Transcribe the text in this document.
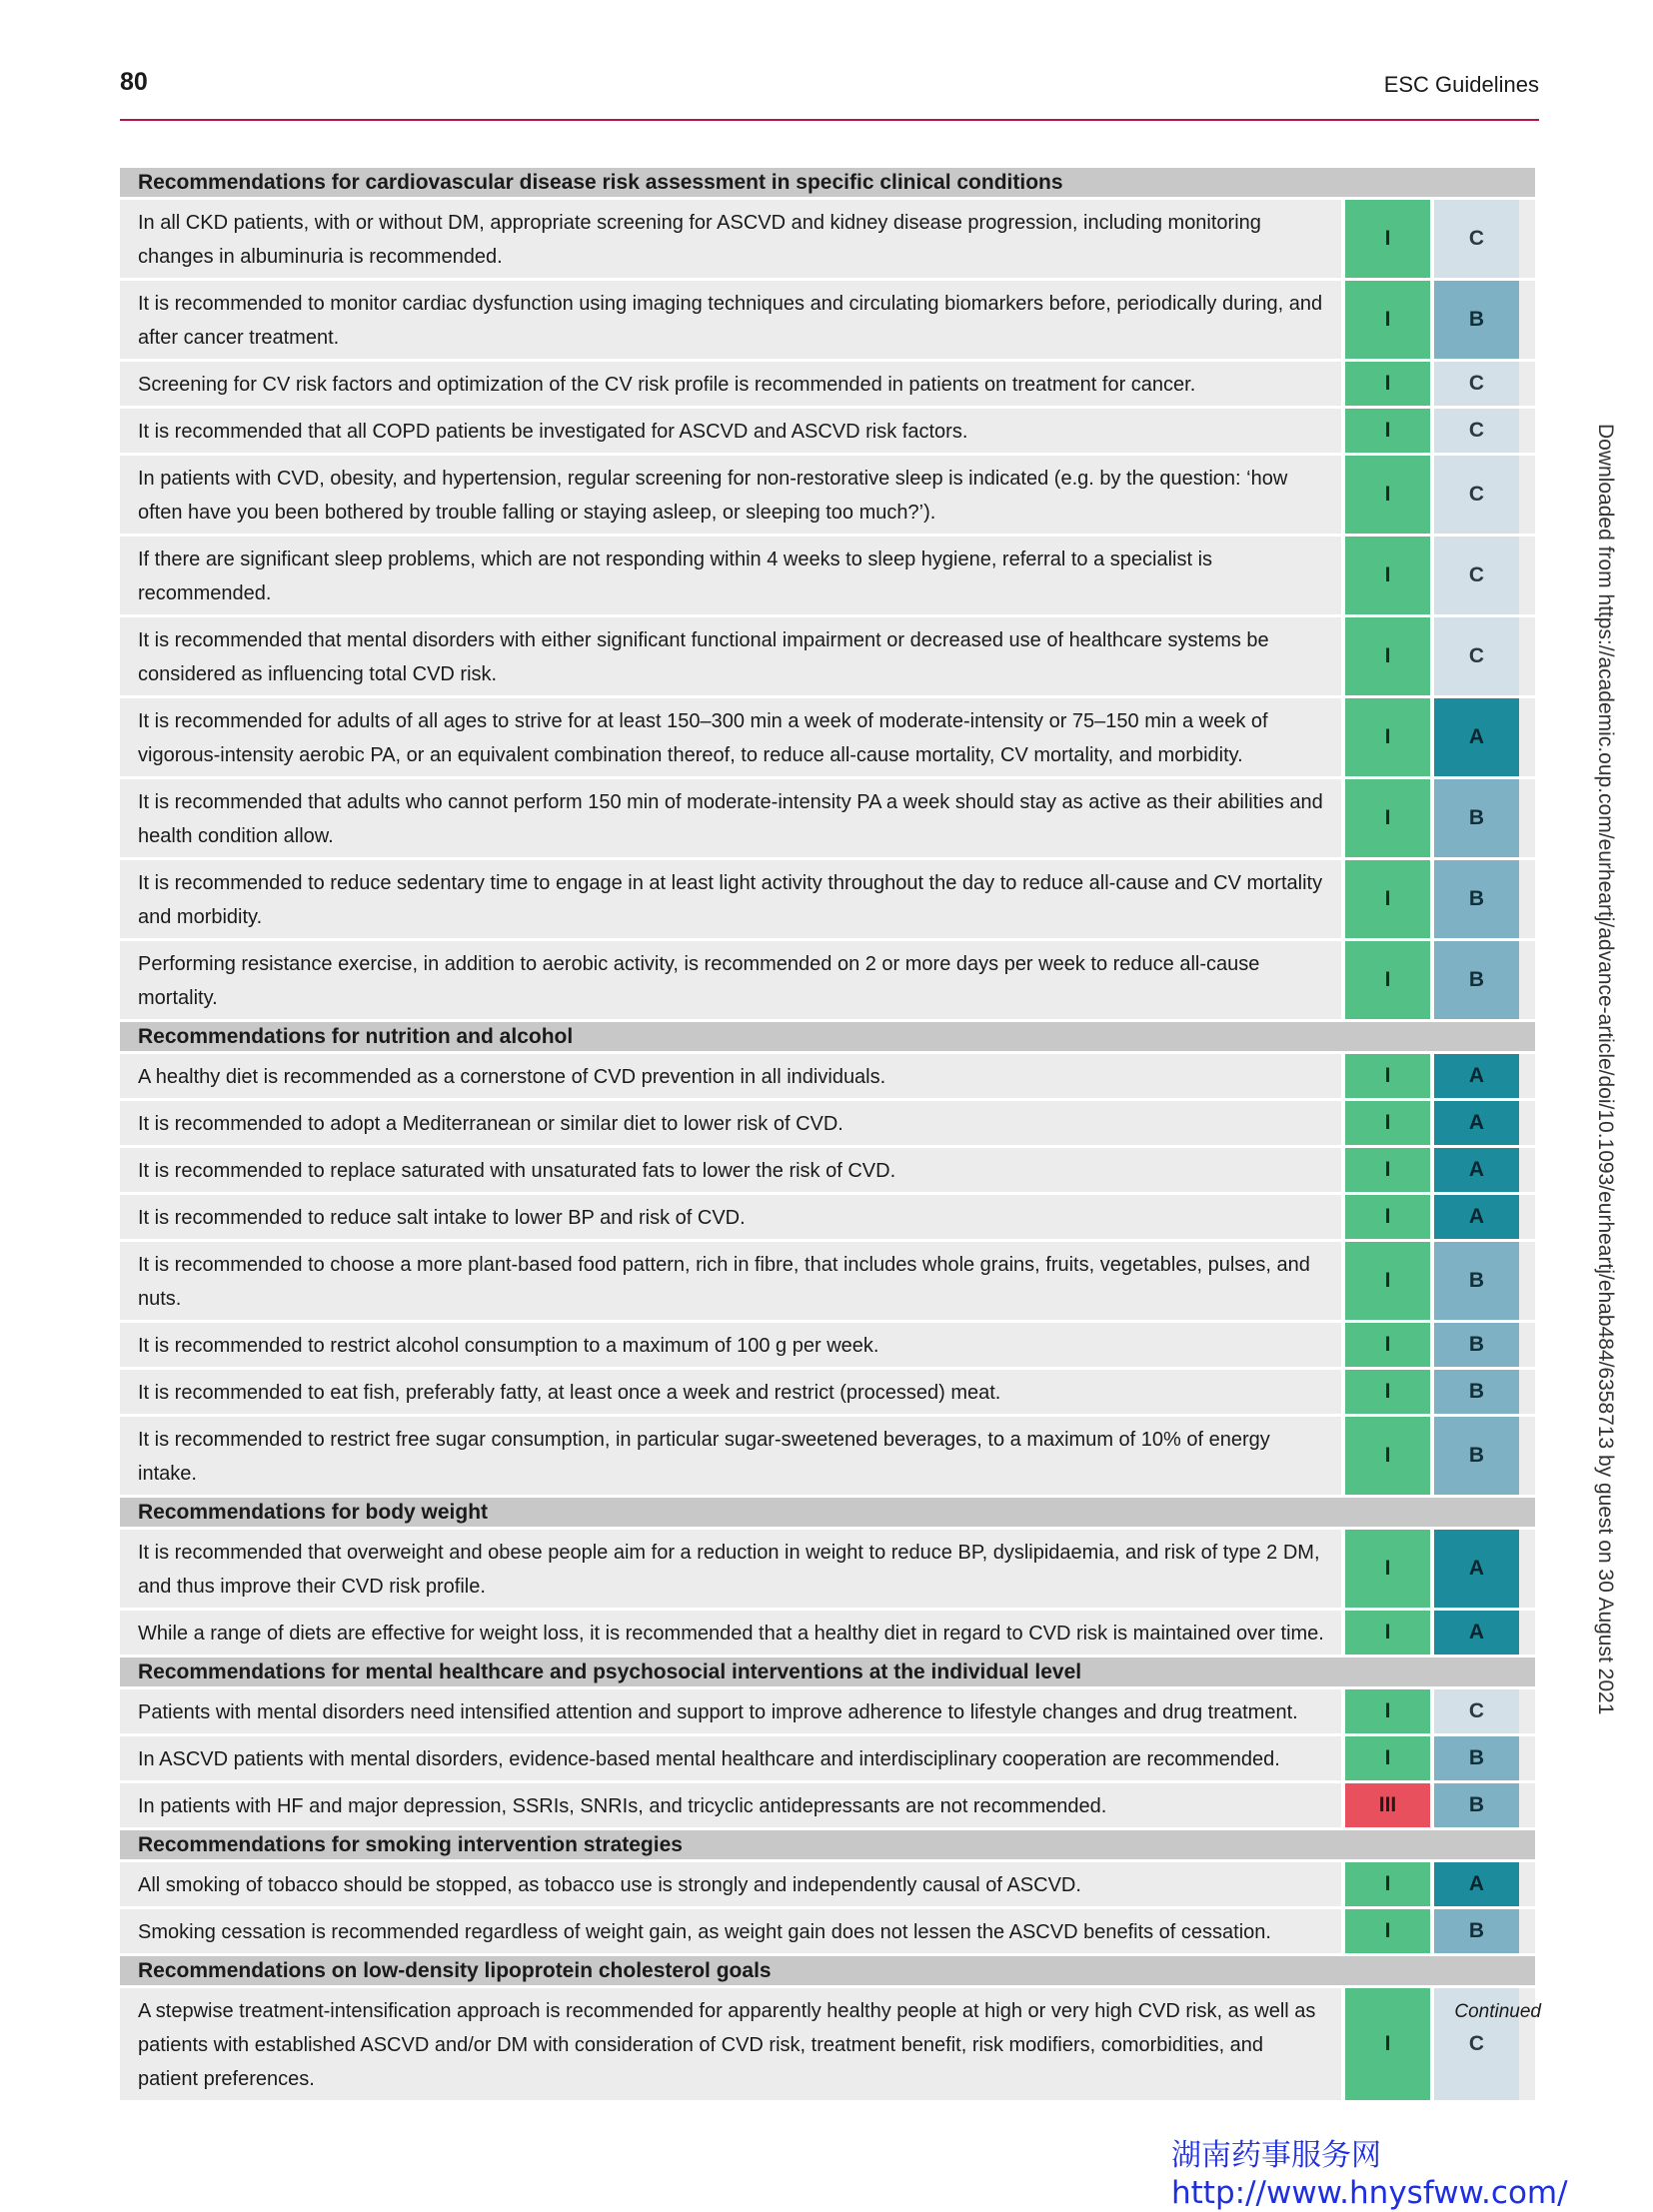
80	ESC Guidelines
Recommendations for cardiovascular disease risk assessment in specific clinical conditions
In all CKD patients, with or without DM, appropriate screening for ASCVD and kidney disease progression, including monitoring changes in albuminuria is recommended.
I	C
It is recommended to monitor cardiac dysfunction using imaging techniques and circulating biomarkers before, periodically during, and after cancer treatment.
I	B
Screening for CV risk factors and optimization of the CV risk profile is recommended in patients on treatment for cancer.	I	C
It is recommended that all COPD patients be investigated for ASCVD and ASCVD risk factors.	I	C
In patients with CVD, obesity, and hypertension, regular screening for non-restorative sleep is indicated (e.g. by the question: ‘how often have you been bothered by trouble falling or staying asleep, or sleeping too much?’).
I	C
If there are significant sleep problems, which are not responding within 4 weeks to sleep hygiene, referral to a specialist is recommended.
I	C
It is recommended that mental disorders with either significant functional impairment or decreased use of healthcare systems be considered as influencing total CVD risk.
I	C
It is recommended for adults of all ages to strive for at least 150–300 min a week of moderate-intensity or 75–150 min a week of vigorous-intensity aerobic PA, or an equivalent combination thereof, to reduce all-cause mortality, CV mortality, and morbidity.
I	A
It is recommended that adults who cannot perform 150 min of moderate-intensity PA a week should stay as active as their abilities and health condition allow.
I	B
It is recommended to reduce sedentary time to engage in at least light activity throughout the day to reduce all-cause and CV mortality and morbidity.
I	B
Performing resistance exercise, in addition to aerobic activity, is recommended on 2 or more days per week to reduce all-cause mortality.
I	B
Recommendations for nutrition and alcohol
A healthy diet is recommended as a cornerstone of CVD prevention in all individuals.	I	A
It is recommended to adopt a Mediterranean or similar diet to lower risk of CVD.	I	A
It is recommended to replace saturated with unsaturated fats to lower the risk of CVD.	I	A
It is recommended to reduce salt intake to lower BP and risk of CVD.	I	A
It is recommended to choose a more plant-based food pattern, rich in fibre, that includes whole grains, fruits, vegetables, pulses, and nuts.
I	B
It is recommended to restrict alcohol consumption to a maximum of 100 g per week.	I	B
It is recommended to eat fish, preferably fatty, at least once a week and restrict (processed) meat.	I	B
It is recommended to restrict free sugar consumption, in particular sugar-sweetened beverages, to a maximum of 10% of energy intake.
I	B
Recommendations for body weight
It is recommended that overweight and obese people aim for a reduction in weight to reduce BP, dyslipidaemia, and risk of type 2 DM, and thus improve their CVD risk profile.
I	A
While a range of diets are effective for weight loss, it is recommended that a healthy diet in regard to CVD risk is maintained over time.	I	A
Recommendations for mental healthcare and psychosocial interventions at the individual level
Patients with mental disorders need intensified attention and support to improve adherence to lifestyle changes and drug treatment.	I	C
In ASCVD patients with mental disorders, evidence-based mental healthcare and interdisciplinary cooperation are recommended.	I	B
In patients with HF and major depression, SSRIs, SNRIs, and tricyclic antidepressants are not recommended.	III	B
Recommendations for smoking intervention strategies
All smoking of tobacco should be stopped, as tobacco use is strongly and independently causal of ASCVD.	I	A
Smoking cessation is recommended regardless of weight gain, as weight gain does not lessen the ASCVD benefits of cessation.	I	B
Recommendations on low-density lipoprotein cholesterol goals
A stepwise treatment-intensification approach is recommended for apparently healthy people at high or very high CVD risk, as well as patients with established ASCVD and/or DM with consideration of CVD risk, treatment benefit, risk modifiers, comorbidities, and patient preferences.
I	C
Continued
Downloaded from https://academic.oup.com/eurheartj/advance-article/doi/10.1093/eurheartj/ehab484/6358713 by guest on 30 August 2021
湖南药事服务网
http://www.hnysfww.com/
